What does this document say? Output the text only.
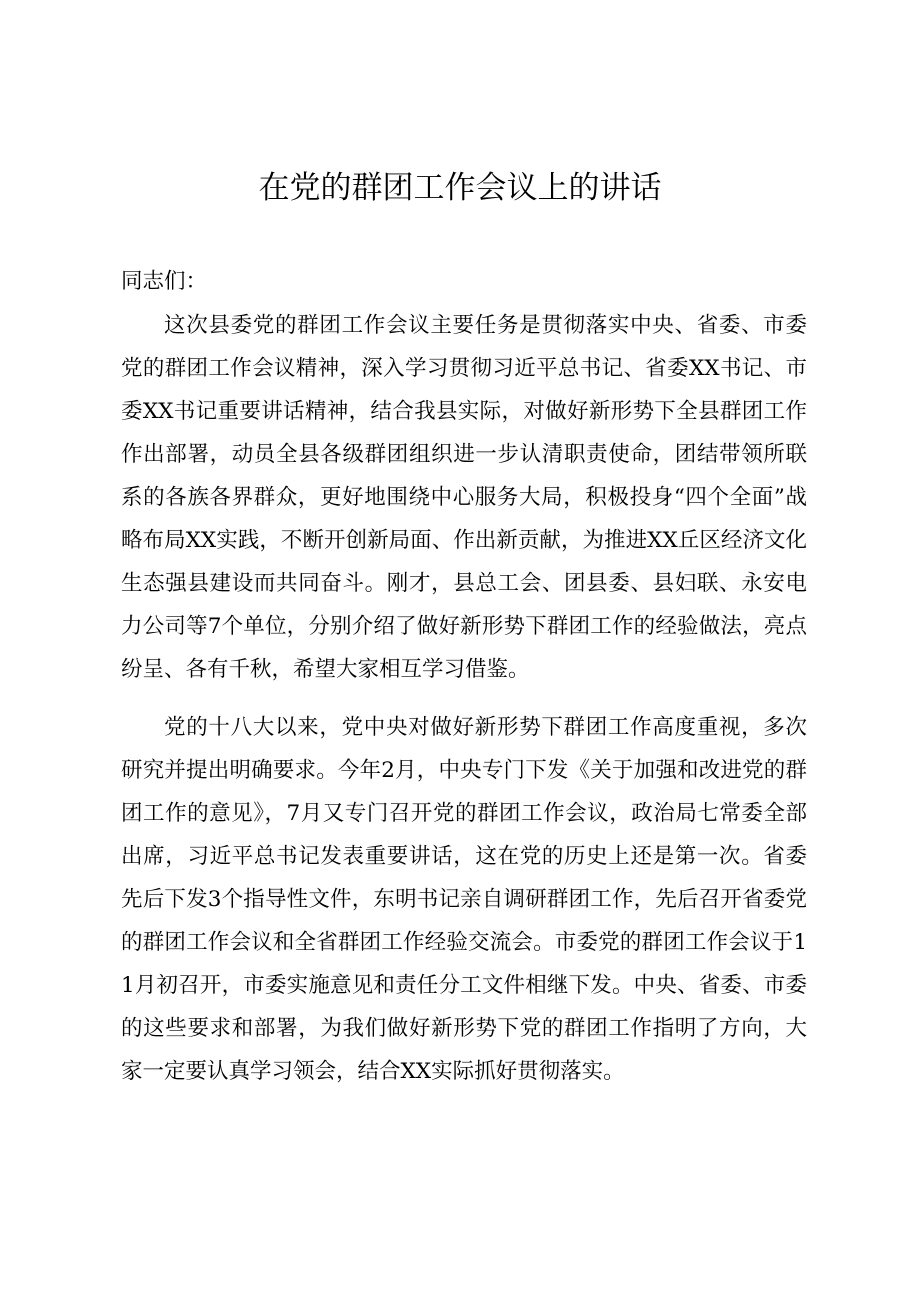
在党的群团工作会议上的讲话

同志们：

这次县委党的群团工作会议主要任务是贯彻落实中央、省委、市委党的群团工作会议精神，深入学习贯彻习近平总书记、省委XX书记、市委XX书记重要讲话精神，结合我县实际，对做好新形势下全县群团工作作出部署，动员全县各级群团组织进一步认清职责使命，团结带领所联系的各族各界群众，更好地围绕中心服务大局，积极投身“四个全面”战略布局XX实践，不断开创新局面、作出新贡献，为推进XX丘区经济文化生态强县建设而共同奋斗。刚才，县总工会、团县委、县妇联、永安电力公司等7个单位，分别介绍了做好新形势下群团工作的经验做法，亮点纷呈、各有千秋，希望大家相互学习借鉴。

党的十八大以来，党中央对做好新形势下群团工作高度重视，多次研究并提出明确要求。今年2月，中央专门下发《关于加强和改进党的群团工作的意见》，7月又专门召开党的群团工作会议，政治局七常委全部出席，习近平总书记发表重要讲话，这在党的历史上还是第一次。省委先后下发3个指导性文件，东明书记亲自调研群团工作，先后召开省委党的群团工作会议和全省群团工作经验交流会。市委党的群团工作会议于11月初召开，市委实施意见和责任分工文件相继下发。中央、省委、市委的这些要求和部署，为我们做好新形势下党的群团工作指明了方向，大家一定要认真学习领会，结合XX实际抓好贯彻落实。
